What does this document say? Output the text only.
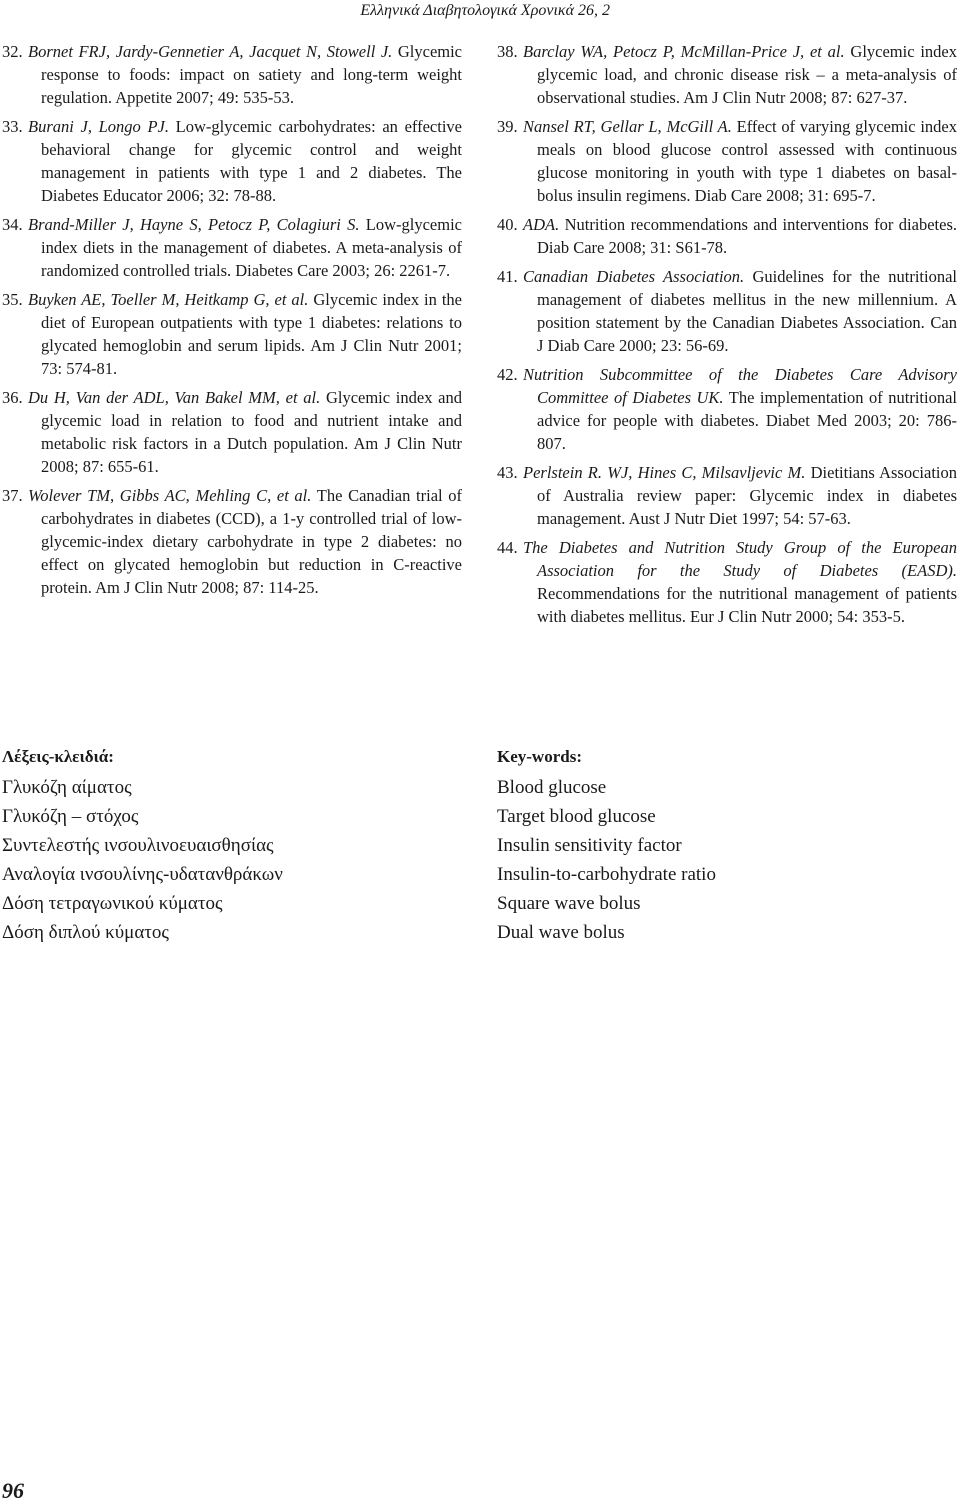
Ελληνικά Διαβητολογικά Χρονικά 26, 2

32. Bornet FRJ, Jardy-Gennetier A, Jacquet N, Stowell J. Glycemic response to foods: impact on satiety and long-term weight regulation. Appetite 2007; 49: 535-53.

33. Burani J, Longo PJ. Low-glycemic carbohydrates: an effective behavioral change for glycemic control and weight management in patients with type 1 and 2 diabetes. The Diabetes Educator 2006; 32: 78-88.

34. Brand-Miller J, Hayne S, Petocz P, Colagiuri S. Low-glycemic index diets in the management of diabetes. A meta-analysis of randomized controlled trials. Diabetes Care 2003; 26: 2261-7.

35. Buyken AE, Toeller M, Heitkamp G, et al. Glycemic index in the diet of European outpatients with type 1 diabetes: relations to glycated hemoglobin and serum lipids. Am J Clin Nutr 2001; 73: 574-81.

36. Du H, Van der ADL, Van Bakel MM, et al. Glycemic index and glycemic load in relation to food and nutrient intake and metabolic risk factors in a Dutch population. Am J Clin Nutr 2008; 87: 655-61.

37. Wolever TM, Gibbs AC, Mehling C, et al. The Canadian trial of carbohydrates in diabetes (CCD), a 1-y controlled trial of low-glycemic-index dietary carbohydrate in type 2 diabetes: no effect on glycated hemoglobin but reduction in C-reactive protein. Am J Clin Nutr 2008; 87: 114-25.

38. Barclay WA, Petocz P, McMillan-Price J, et al. Glycemic index glycemic load, and chronic disease risk – a meta-analysis of observational studies. Am J Clin Nutr 2008; 87: 627-37.

39. Nansel RT, Gellar L, McGill A. Effect of varying glycemic index meals on blood glucose control assessed with continuous glucose monitoring in youth with type 1 diabetes on basal-bolus insulin regimens. Diab Care 2008; 31: 695-7.

40. ADA. Nutrition recommendations and interventions for diabetes. Diab Care 2008; 31: S61-78.

41. Canadian Diabetes Association. Guidelines for the nutritional management of diabetes mellitus in the new millennium. A position statement by the Canadian Diabetes Association. Can J Diab Care 2000; 23: 56-69.

42. Nutrition Subcommittee of the Diabetes Care Advisory Committee of Diabetes UK. The implementation of nutritional advice for people with diabetes. Diabet Med 2003; 20: 786-807.

43. Perlstein R. WJ, Hines C, Milsavljevic M. Dietitians Association of Australia review paper: Glycemic index in diabetes management. Aust J Nutr Diet 1997; 54: 57-63.

44. The Diabetes and Nutrition Study Group of the European Association for the Study of Diabetes (EASD). Recommendations for the nutritional management of patients with diabetes mellitus. Eur J Clin Nutr 2000; 54: 353-5.

Λέξεις-κλειδιά:
Γλυκόζη αίματος
Γλυκόζη – στόχος
Συντελεστής ινσουλινοευαισθησίας
Αναλογία ινσουλίνης-υδατανθράκων
Δόση τετραγωνικού κύματος
Δόση διπλού κύματος
Key-words:
Blood glucose
Target blood glucose
Insulin sensitivity factor
Insulin-to-carbohydrate ratio
Square wave bolus
Dual wave bolus
96
